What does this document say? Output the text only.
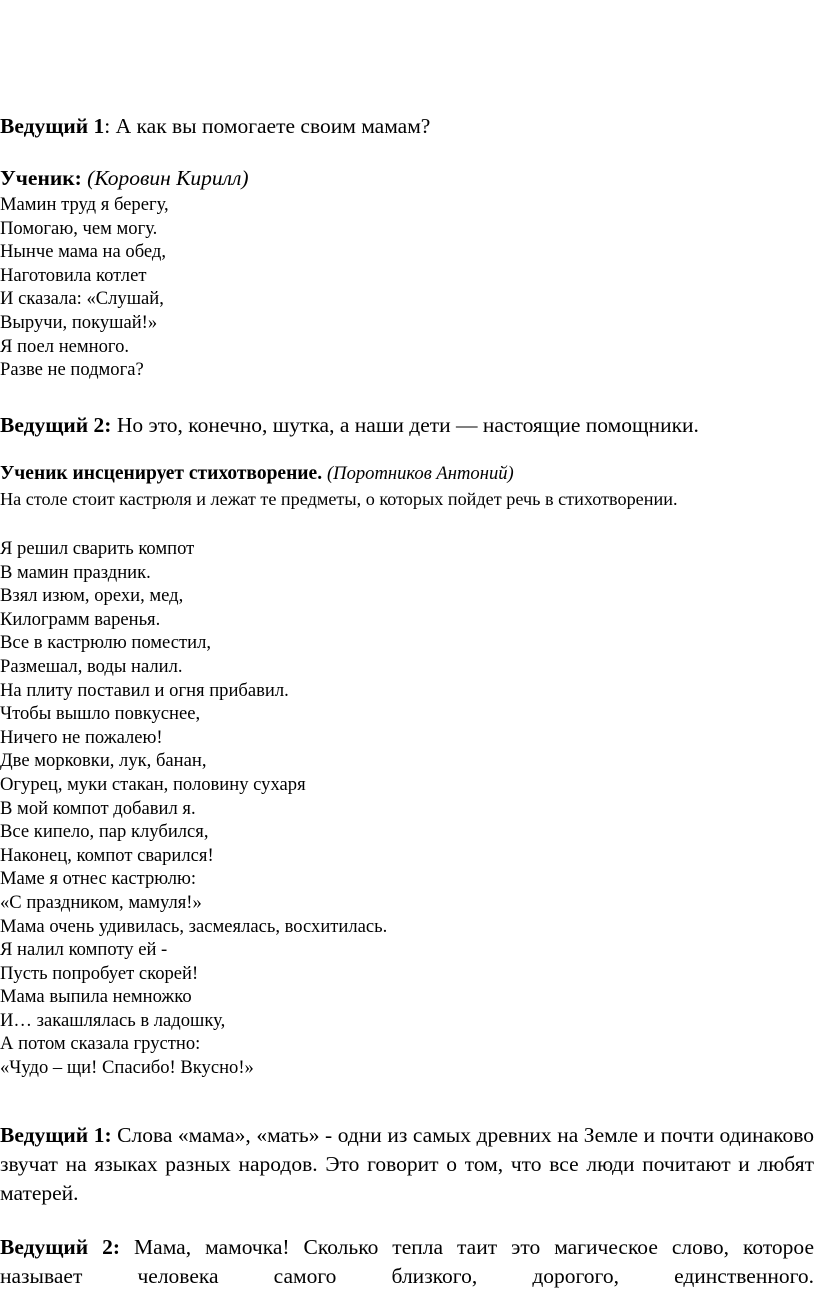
Ведущий 1: А как вы помогаете своим мамам?

Ученик: (Коровин Кирилл)
Мамин труд я берегу,
Помогаю, чем могу.
Нынче мама на обед,
Наготовила котлет
И сказала: «Слушай,
Выручи, покушай!»
Я поел немного.
Разве не подмога?

Ведущий 2: Но это, конечно, шутка, а наши дети — настоящие помощники.

Ученик инсценирует стихотворение. (Поротников Антоний)
На столе стоит кастрюля и лежат те предметы, о которых пойдет речь в стихотворении.
Я решил сварить компот
В мамин праздник.
Взял изюм, орехи, мед,
Килограмм варенья.
Все в кастрюлю поместил,
Размешал, воды налил.
На плиту поставил и огня прибавил.
Чтобы вышло повкуснее,
Ничего не пожалею!
Две морковки, лук, банан,
Огурец, муки стакан, половину сухаря
В мой компот добавил я.
Все кипело, пар клубился,
Наконец, компот сварился!
Маме я отнес кастрюлю:
«С праздником, мамуля!»
Мама очень удивилась, засмеялась, восхитилась.
Я налил компоту ей -
Пусть попробует скорей!
Мама выпила немножко
И… закашлялась в ладошку,
А потом сказала грустно:
«Чудо – щи! Спасибо! Вкусно!»

Ведущий 1: Слова «мама», «мать» - одни из самых древних на Земле и почти одинаково звучат на языках разных народов. Это говорит о том, что все люди почитают и любят матерей.

Ведущий 2: Мама, мамочка! Сколько тепла таит это магическое слово, которое называет человека самого близкого, дорогого, единственного.
